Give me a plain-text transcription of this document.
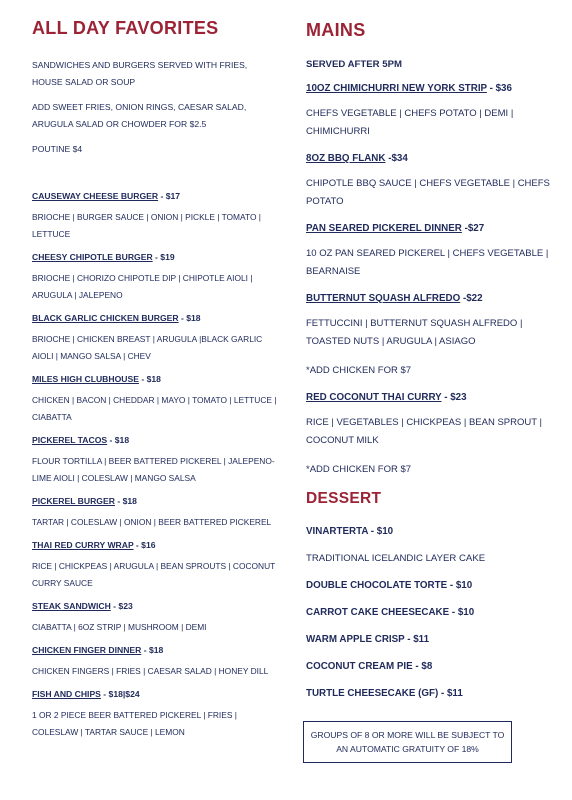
ALL DAY FAVORITES

SANDWICHES AND BURGERS SERVED WITH FRIES, HOUSE SALAD OR SOUP

ADD SWEET FRIES, ONION RINGS, CAESAR SALAD, ARUGULA SALAD OR CHOWDER FOR $2.5

POUTINE $4

CAUSEWAY CHEESE BURGER - $17

BRIOCHE | BURGER SAUCE | ONION | PICKLE | TOMATO | LETTUCE

CHEESY CHIPOTLE BURGER - $19

BRIOCHE | CHORIZO CHIPOTLE DIP | CHIPOTLE AIOLI | ARUGULA | JALEPENO

BLACK GARLIC CHICKEN BURGER - $18

BRIOCHE | CHICKEN BREAST | ARUGULA |BLACK GARLIC AIOLI | MANGO SALSA | CHEV

MILES HIGH CLUBHOUSE - $18

CHICKEN | BACON | CHEDDAR | MAYO | TOMATO | LETTUCE | CIABATTA

PICKEREL TACOS - $18

FLOUR TORTILLA | BEER BATTERED PICKEREL | JALEPENO-LIME AIOLI | COLESLAW | MANGO SALSA

PICKEREL BURGER - $18

TARTAR | COLESLAW | ONION | BEER BATTERED PICKEREL

THAI RED CURRY WRAP - $16

RICE | CHICKPEAS | ARUGULA | BEAN SPROUTS | COCONUT CURRY SAUCE

STEAK SANDWICH - $23

CIABATTA | 6OZ STRIP | MUSHROOM | DEMI

CHICKEN FINGER DINNER - $18

CHICKEN FINGERS | FRIES | CAESAR SALAD | HONEY DILL

FISH AND CHIPS - $18|$24

1 OR 2 PIECE BEER BATTERED PICKEREL | FRIES | COLESLAW | TARTAR SAUCE | LEMON

MAINS

SERVED AFTER 5PM

10OZ CHIMICHURRI NEW YORK STRIP - $36

CHEFS VEGETABLE | CHEFS POTATO | DEMI | CHIMICHURRI

8OZ BBQ FLANK -$34

CHIPOTLE BBQ SAUCE | CHEFS VEGETABLE | CHEFS POTATO

PAN SEARED PICKEREL DINNER -$27

10 OZ PAN SEARED PICKEREL | CHEFS VEGETABLE | BEARNAISE

BUTTERNUT SQUASH ALFREDO -$22

FETTUCCINI | BUTTERNUT SQUASH ALFREDO | TOASTED NUTS | ARUGULA | ASIAGO

*ADD CHICKEN FOR $7

RED COCONUT THAI CURRY - $23

RICE | VEGETABLES | CHICKPEAS | BEAN SPROUT | COCONUT MILK

*ADD CHICKEN FOR $7

DESSERT

VINARTERTA - $10

TRADITIONAL ICELANDIC LAYER CAKE

DOUBLE CHOCOLATE TORTE - $10

CARROT CAKE CHEESECAKE - $10

WARM APPLE CRISP - $11

COCONUT CREAM PIE - $8

TURTLE CHEESECAKE (GF) - $11

GROUPS OF 8 OR MORE WILL BE SUBJECT TO AN AUTOMATIC GRATUITY OF 18%
